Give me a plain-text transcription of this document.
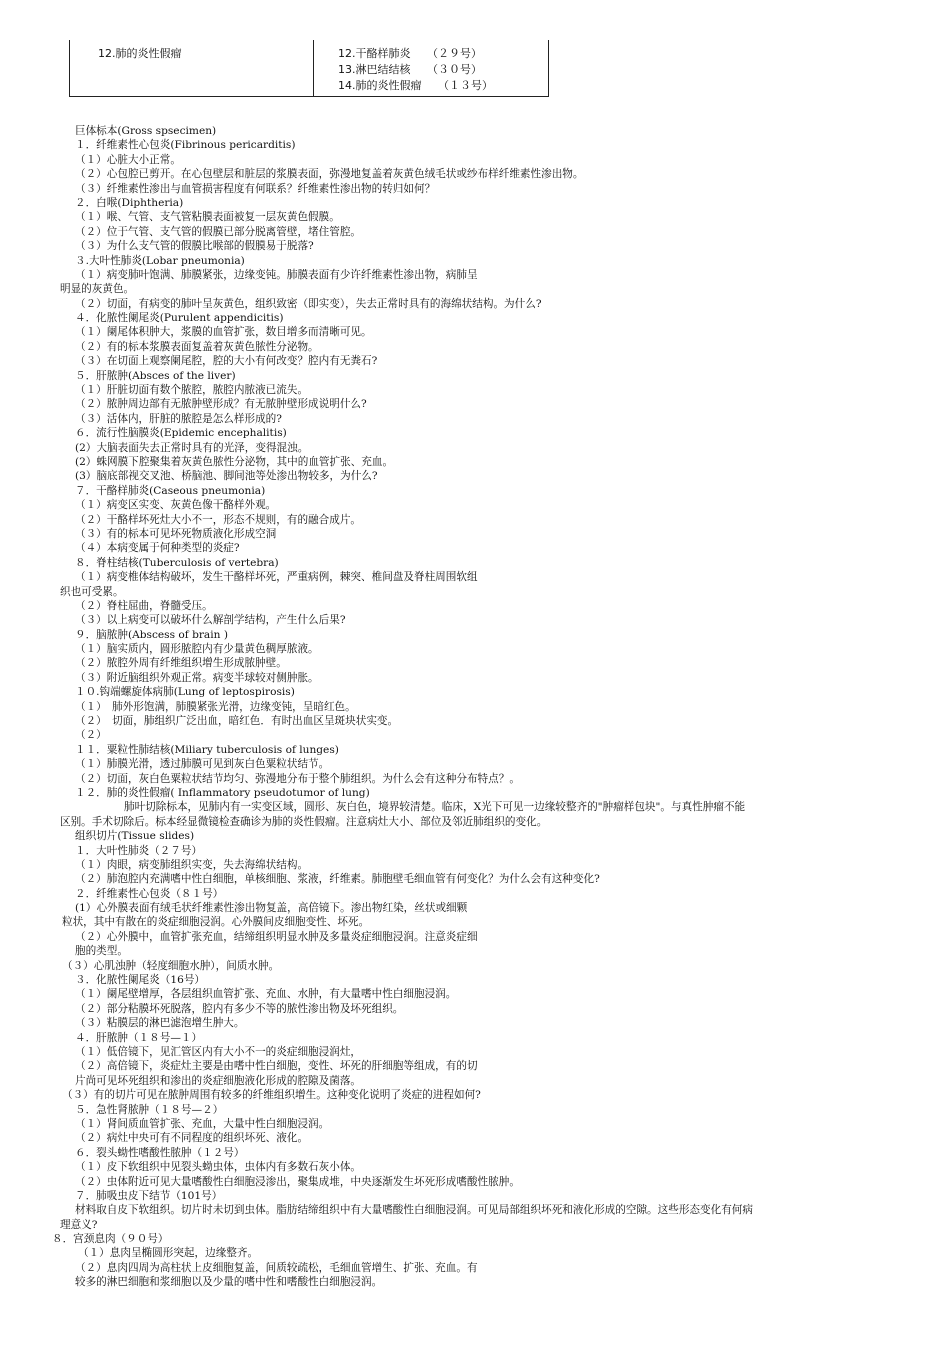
12.肺的炎性假瘤	12.干酪样肺炎　　（２９号）
13.淋巴结结核　　（３０号）
14.肺的炎性假瘤　　（１３号）
巨体标本(Gross spsecimen)
１．纤维素性心包炎(Fibrinous pericarditis)
（１）心脏大小正常。
（２）心包腔已剪开。在心包壁层和脏层的浆膜表面，弥漫地复盖着灰黄色绒毛状或纱布样纤维素性渗出物。
（３）纤维素性渗出与血管损害程度有何联系？纤维素性渗出物的转归如何？
２．白喉(Diphtheria)
（１）喉、气管、支气管粘膜表面被复一层灰黄色假膜。
（２）位于气管、支气管的假膜已部分脱离管壁，堵住管腔。
（３）为什么支气管的假膜比喉部的假膜易于脱落?
３.大叶性肺炎(Lobar pneumonia)
（１）病变肺叶饱满、肺膜紧张，边缘变钝。肺膜表面有少许纤维素性渗出物，病肺呈
明显的灰黄色。
（２）切面，有病变的肺叶呈灰黄色，组织致密（即实变），失去正常时具有的海绵状结构。为什么?
４．化脓性阑尾炎(Purulent appendicitis)
（１）阑尾体积肿大，浆膜的血管扩张，数目增多而清晰可见。
（２）有的标本浆膜表面复盖着灰黄色脓性分泌物。
（３）在切面上观察阑尾腔，腔的大小有何改变？腔内有无粪石?
５．肝脓肿(Absces of the liver)
（１）肝脏切面有数个脓腔，脓腔内脓液已流失。
（２）脓肿周边部有无脓肿壁形成？有无脓肿壁形成说明什么?
（３）活体内，肝脏的脓腔是怎么样形成的?
６．流行性脑膜炎(Epidemic encephalitis)
(2）大脑表面失去正常时具有的光泽，变得混浊。
(2）蛛网膜下腔聚集着灰黄色脓性分泌物，其中的血管扩张、充血。
(3）脑底部视交叉池、桥脑池、脚间池等处渗出物较多，为什么?
７．干酪样肺炎(Caseous pneumonia)
（１）病变区实变、灰黄色像干酪样外观。
（２）干酪样坏死灶大小不一，形态不规则，有的融合成片。
（３）有的标本可见坏死物质液化形成空洞
（４）本病变属于何种类型的炎症?
８．脊柱结核(Tuberculosis of vertebra)
（１）病变椎体结构破坏，发生干酪样坏死，严重病例，棘突、椎间盘及脊柱周围软组
织也可受累。
（２）脊柱屈曲，脊髓受压。
（３）以上病变可以破坏什么解剖学结构，产生什么后果?
９．脑脓肿(Abscess of brain )
（１）脑实质内，圆形脓腔内有少量黄色稠厚脓液。
（２）脓腔外周有纤维组织增生形成脓肿壁。
（３）附近脑组织外观正常。病变半球较对侧肿胀。
１０.钩端螺旋体病肺(Lung of leptospirosis)
（１）　肺外形饱满，肺膜紧张光滑，边缘变钝，呈暗红色。
（２）　切面，肺组织广泛出血，暗红色．有时出血区呈斑块状实变。
（２）
１１．粟粒性肺结核(Miliary tuberculosis of lunges)
（１）肺膜光滑，透过肺膜可见到灰白色粟粒状结节。
（２）切面，灰白色粟粒状结节均匀、弥漫地分布于整个肺组织。为什么会有这种分布特点？。
１２．肺的炎性假瘤( Inflammatory pseudotumor of lung)
肺叶切除标本，见肺内有一实变区域，圆形、灰白色，境界较清楚。临床，X光下可见一边缘较整齐的"肿瘤样包块"。与真性肿瘤不能
区别。手术切除后。标本经显微镜检查确诊为肺的炎性假瘤。注意病灶大小、部位及邻近肺组织的变化。
组织切片(Tissue slides)
１．大叶性肺炎（２７号）
（１）肉眼，病变肺组织实变，失去海绵状结构。
（２）肺泡腔内充满嗜中性白细胞，单核细胞、浆液，纤维素。肺胞壁毛细血管有何变化？为什么会有这种变化?
２．纤维素性心包炎（８１号）
(1）心外膜表面有绒毛状纤维素性渗出物复盖，高倍镜下。渗出物红染，丝状或细颗
粒状，其中有散在的炎症细胞浸润。心外膜间皮细胞变性、坏死。
（２）心外膜中，血管扩张充血，结缔组织明显水肿及多量炎症细胞浸润。注意炎症细
胞的类型。
（３）心肌浊肿（轻度细胞水肿），间质水肿。
３．化脓性阑尾炎（16号）
（１）阑尾壁增厚，各层组织血管扩张、充血、水肿，有大量嗜中性白细胞浸润。
（２）部分粘膜坏死脱落，腔内有多少不等的脓性渗出物及坏死组织。
（３）粘膜层的淋巴滤泡增生肿大。
４．肝脓肿（１８号—１）
（１）低倍镜下，见汇管区内有大小不一的炎症细胞浸润灶，
（２）高倍镜下，炎症灶主要是由嗜中性白细胞，变性、坏死的肝细胞等组成，有的切
片尚可见坏死组织和渗出的炎症细胞液化形成的腔隙及菌落。
（３）有的切片可见在脓肿周围有较多的纤维组织增生。这种变化说明了炎症的进程如何?
５．急性肾脓肿（１８号—２）
（１）肾间质血管扩张、充血，大量中性白细胞浸润。
（２）病灶中央可有不同程度的组织坏死、液化。
６．裂头蚴性嗜酸性脓肿（１２号）
（１）皮下软组织中见裂头蚴虫体，虫体内有多数石灰小体。
（２）虫体附近可见大量嗜酸性白细胞浸渗出，聚集成堆，中央逐渐发生坏死形成嗜酸性脓肿。
７．肺吸虫皮下结节（101号）
材料取自皮下软组织。切片时未切到虫体。脂肪结缔组织中有大量嗜酸性白细胞浸润。可见局部组织坏死和液化形成的空隙。这些形态变化有何病
理意义?
８．宫颈息肉（９０号）
（１）息肉呈椭圆形突起，边缘整齐。
（２）息肉四周为高柱状上皮细胞复盖，间质较疏松，毛细血管增生、扩张、充血。有
较多的淋巴细胞和浆细胞以及少量的嗜中性和嗜酸性白细胞浸润。
